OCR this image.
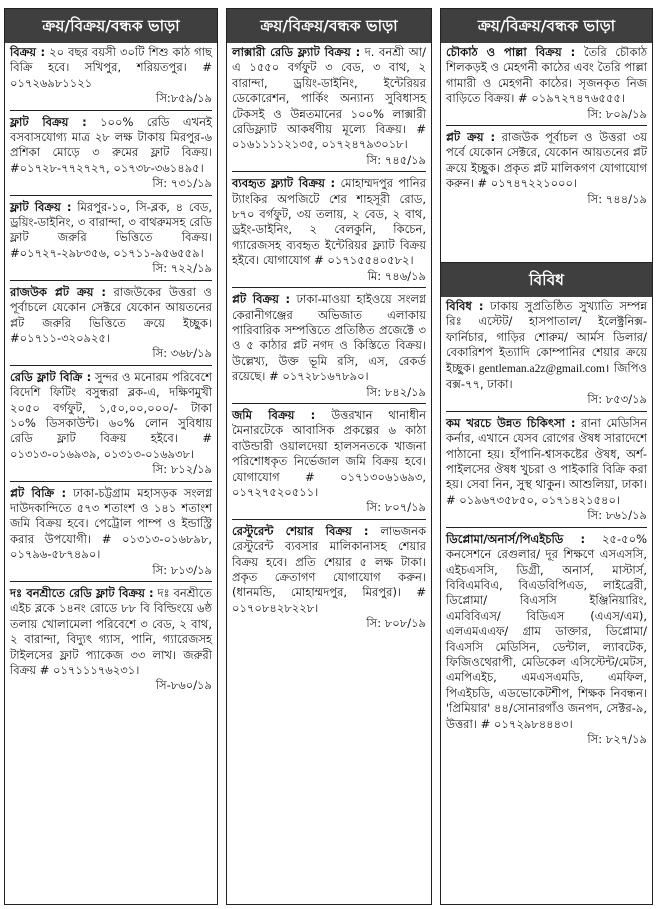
ক্রয়/বিক্রয়/বন্ধক ভাড়া

বিক্রয় : ২০ বছর বয়সী ৩০টি শিশু কাঠ গাছ বিক্রি হবে। সখিপুর, শরিয়তপুর। # ০১৭২৬৯৮১১২১

সি:৮৫৯/১৯

ফ্লাট বিক্রয় : ১০০% রেডি এখনই বসবাসযোগ্য মাত্র ২৮ লক্ষ টাকায় মিরপুর-৬ প্রশিকা মোড়ে ৩ রুমের ফ্লাট বিক্রয়। #০১৭২৮-৭৭২৭২৭, ০১৭৩৮-৩৬১৪৯৫।

সি: ৭৩১/১৯

ফ্লাট বিক্রয় : মিরপুর-১০, সি-ব্লক, ৪ বেড, ড্রয়িং-ডাইনিং, ৩ বারান্দা, ৩ বাথরুমসহ রেডি ফ্লাট জরুরি ভিত্তিতে বিক্রয়। #০১৭২৭-২৯৮৩৫৬, ০১৭১১-৯৫৬৫৫৯।

সি: ৭২২/১৯

রাজউক প্লট ক্রয় : রাজউকের উত্তরা ও পূর্বাচলে যেকোন সেক্টরে যেকোন আয়তনের প্লট জরুরি ভিত্তিতে ক্রয়ে ইচ্ছুক। #০১৭১১-৩২০৯২৫।

সি: ৩৬৮/১৯

রেডি ফ্লাট বিক্রি : সুন্দর ও মনোরম পরিবেশে বিদেশি ফিটিং বসুন্ধরা ব্লক-এ, দক্ষিণমুখী ২০৫০ বর্গফুট, ১,৫০,০০,০০০/- টাকা ১০% ডিসকাউন্ট। ৬০% লোন সুবিধায় রেডি ফ্লাট বিক্রয় হইবে। # ০১৩১৩-০১৬৯৩৯, ০১৩১৩-০১৬৯৩৮।

সি: ৮১২/১৯

প্লট বিক্রি : ঢাকা-চট্টগ্রাম মহাসড়ক সংলগ্ন দাউদকান্দিতে ৫৭৩ শতাংশ ও ১৪১ শতাংশ জমি বিক্রয় হবে। পেট্রোল পাম্প ও ইন্ডাস্ট্রি করার উপযোগী। # ০১৩১৩-০১৬৮৯৮, ০১৭৯৬-৫৮৭৪৯০।

সি: ৮১৩/১৯

দঃ বনশ্রীতে রেডি ফ্লাট বিক্রয় : দঃ বনশ্রীতে এইচ ব্লকে ১৪নং রোডে ৮৮ বি বিল্ডিংয়ে ৬ষ্ঠ তলায় খোলামেলা পরিবেশে ৩ বেড, ২ বাথ, ২ বারান্দা, বিদ্যুৎ গ্যাস, পানি, গ্যারেজসহ টাইলসের ফ্লাট প্যাকেজ ৩৩ লাখ। জরুরী বিক্রয় # ০১৭১১১৭৬২৩১।

সি-৮৬০/১৯

ক্রয়/বিক্রয়/বন্ধক ভাড়া

লাক্সারী রেডি ফ্ল্যাট বিক্রয় : দ. বনশ্রী আ/এ ১৫৫০ বর্গফুট ৩ বেড, ৩ বাথ, ২ বারান্দা, ড্রয়িং-ডাইনিং, ইন্টেরিয়র ডেকোরেশন, পার্কিং অন্যান্য সুবিধাসহ টেকসই ও উন্নতমানের ১০০% লাক্সারী রেডিফ্ল্যাট আকর্ষণীয় মূল্যে বিক্রয়। # ০১৬১১১১২১৩৫, ০১৭২৪৭৯৩০১৮।

সি: ৭৪৫/১৯

ব্যবহৃত ফ্ল্যাট বিক্রয় : মোহাম্মদপুর পানির ট্যাংকির অপজিটে শের শাহসূরী রোড, ৮৭০ বর্গফুট, ৩য় তলায়, ২ বেড, ২ বাথ, ড্রইং-ডাইনিং, ২ বেলকুনি, কিচেন, গ্যারেজসহ ব্যবহৃত ইন্টেরিয়র ফ্ল্যাট বিক্রয় হইবে। যোগাযোগ # ০১৭১৫৫৪০৫৮২।

মি: ৭৪৬/১৯

প্লট বিক্রয় : ঢাকা-মাওয়া হাইওয়ে সংলগ্ন কেরানীগঞ্জের অভিজাত এলাকায় পারিবারিক সম্পত্তিতে প্রতিষ্ঠিত প্রজেক্টে ৩ ও ৫ কাঠার প্লট নগদ ও কিস্তিতে বিক্রয়। উল্লেখ্য, উক্ত ভূমি রসি, এস, রেকর্ড রয়েছে। # ০১৭২৮১৬৭৮৯০।

সি: ৮৪২/১৯

জমি বিক্রয় : উত্তরখান থানাধীন মৈনারটেকে আবাসিক প্রকল্পের ৬ কাঠা বাউন্ডারী ওয়ালদেয়া হালসনতকে খাজনা পরিশোধকৃত নির্ভেজাল জমি বিক্রয় হবে। যোগাযোগ # ০১৭১৩০৬১৬৯৩, ০১৭২৭৫২০৫১১।

সি: ৮০৭/১৯

রেস্টুরেন্ট শেয়ার বিক্রয় : লাভজনক রেস্টুরেন্ট ব্যবসার মালিকানাসহ শেয়ার বিক্রয় হবে। প্রতি শেয়ার ৫ লক্ষ টাকা। প্রকৃত ক্রেতাগণ যোগাযোগ করুন। (ধানমন্ডি, মোহাম্মদপুর, মিরপুর)। # ০১৭০৮৪২৮২২৮।

সি: ৮০৮/১৯

ক্রয়/বিক্রয়/বন্ধক ভাড়া

চৌকাঠ ও পাল্লা বিক্রয় : তৈরি চৌকাঠ শিলকড়ই ও মেহগনী কাঠের এবং তৈরি পাল্লা গামারী ও মেহগনী কাঠের। সৃজনকৃত নিজ বাড়িতে বিক্রয়। # ০১৯৭২৭৪৭৬৫৫৫।

সি: ৮০৯/১৯

প্লট ক্রয় : রাজউক পূর্বাচল ও উত্তরা ৩য় পর্বে যেকোন সেক্টরে, যেকোন আয়তনের প্লট ক্রয়ে ইচ্ছুক। প্রকৃত প্লট মালিকগণ যোগাযোগ করুন। # ০১৭৪৭২২১০০০।

সি: ৭৪৪/১৯

বিবিধ

বিবিধ : ঢাকায় সুপ্রতিষ্ঠিত সুখ্যাতি সম্পন্ন রিঃ এস্টেট/ হাসপাতাল/ ইলেক্ট্রনিক্স-ফার্নিচার, গাড়ির শোরুম/ আর্মস ডিলার/ বেকারিশপ ইত্যাদি কোম্পানির শেয়ার ক্রয়ে ইচ্ছুক। gentleman.a2z@gmail.com। জিপিও বক্স-৭৭, ঢাকা।

সি: ৮৫৩/১৯

কম খরচে উন্নত চিকিৎসা : রানা মেডিসিন কর্নার, এখানে যেসব রোগের ঔষধ সারাদেশে পাঠানো হয়। হাঁপানি-শ্বাসকষ্টের ঔষধ, অর্শ-পাইলসের ঔষধ খুচরা ও পাইকারি বিক্রি করা হয়। সেবা নিন, সুস্থ থাকুন। আশুলিয়া, ঢাকা। # ০১৯৬৭৩৫৮৫০, ০১৭১৪২১৫৪০।

সি: ৮৬১/১৯

ডিপ্লোমা/অনার্স/পিএইচডি : ২৫-৫০% কনসেশনে রেগুলার/ দূর শিক্ষণে এসএসসি, এইচএসসি, ডিগ্রী, অনার্স, মাস্টার্স, বিবিএমবিএ, বিএডবিপিএড, লাইব্রেরী, ডিপ্লোমা/ বিএসসি ইঞ্জিনিয়ারিং, এমবিবিএস/ বিডিএস (এএস/এম), এলএমএএফ/ গ্রাম ডাক্তার, ডিপ্লোমা/ বিএসসি মেডিসিন, ডেন্টাল, ল্যাবটেক, ফিজিওথেরাপী, মেডিকেল এসিস্টেন্ট/মেটস, এমপিএইচ, এমএসএমডি, এমফিল, পিএইচডি, এডভোকেটশীপ, শিক্ষক নিবন্ধন। 'প্রিমিয়ার' ৪৪/সোনারগাঁও জনপদ, সেক্টর-৯, উত্তরা। # ০১৭২৯৮৪৪৪৩।

সি: ৮২৭/১৯
